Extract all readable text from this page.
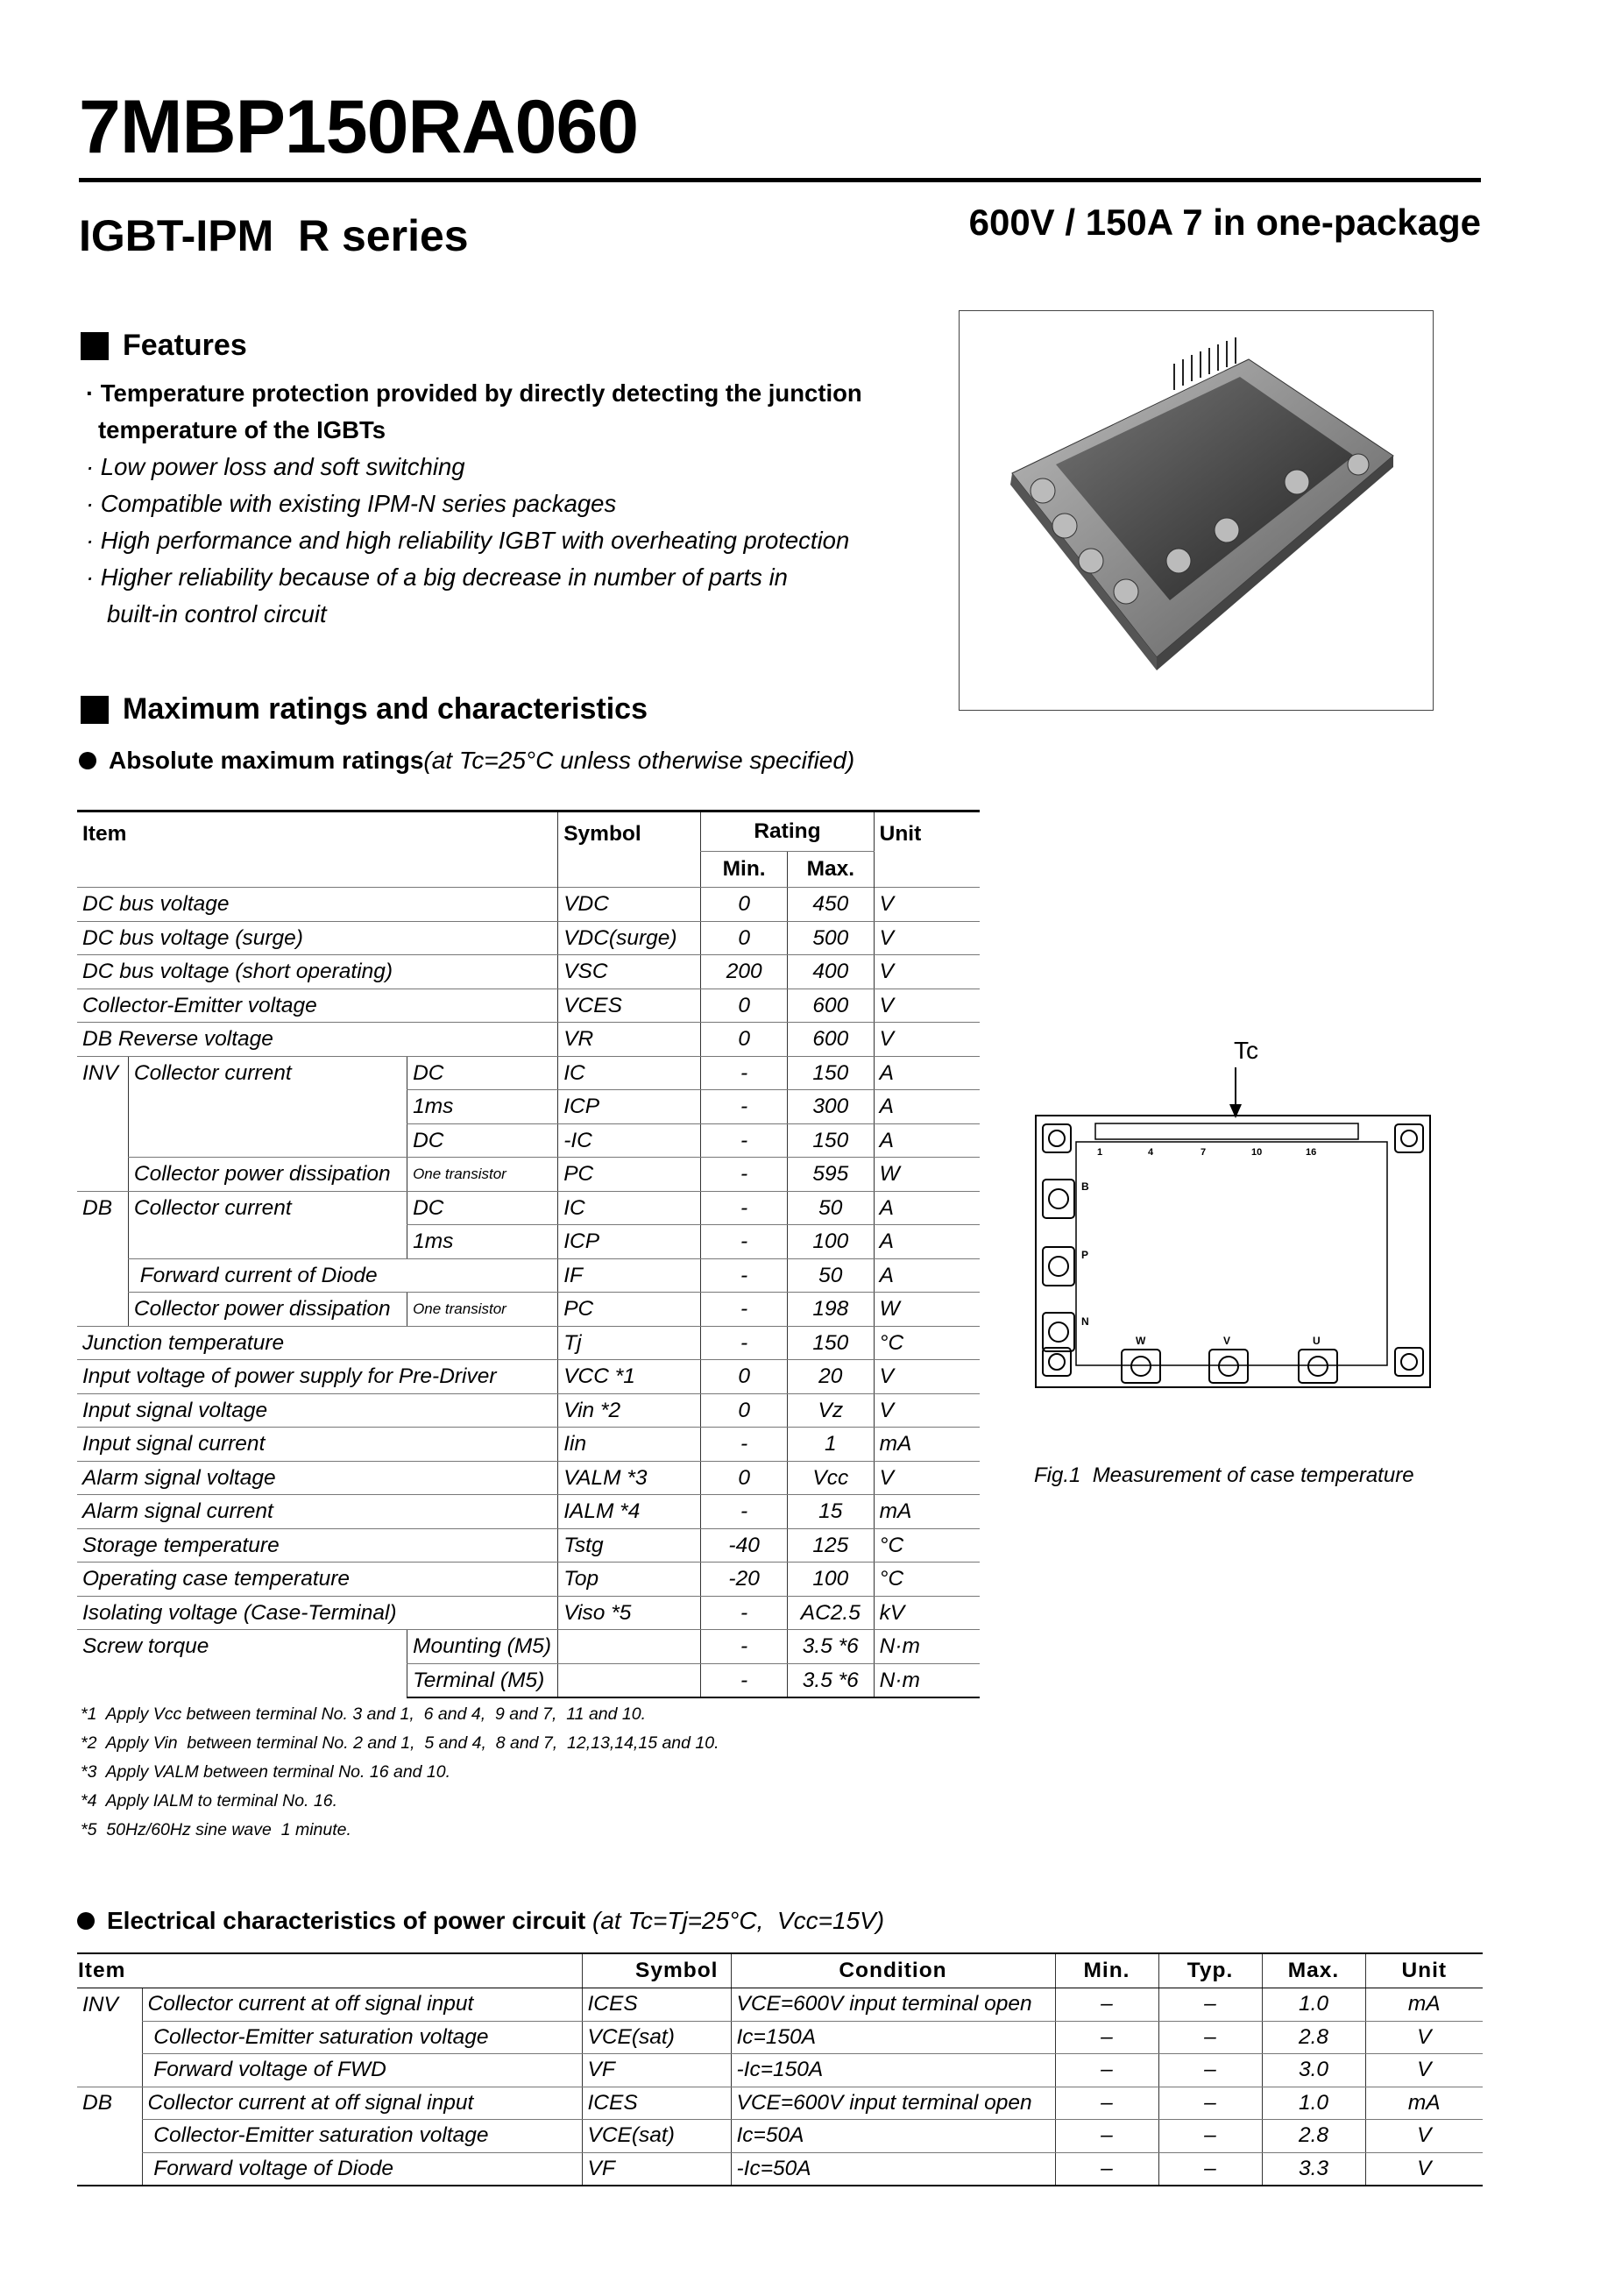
7MBP150RA060
IGBT-IPM  R series	600V / 150A 7 in one-package
Features
· Temperature protection provided by directly detecting the junction
temperature of the IGBTs
· Low power loss and soft switching
· Compatible with existing IPM-N series packages
· High performance and high reliability IGBT with overheating protection
· Higher reliability because of a big decrease in number of parts in
built-in control circuit
Maximum ratings and characteristics
Absolute maximum ratings (at Tc=25°C unless otherwise specified)
Item			Symbol	Rating		Unit
				Min.	Max.	
DC bus voltage			VDC	0	450	V
DC bus voltage (surge)			VDC(surge)	0	500	V
DC bus voltage (short operating)			VSC	200	400	V
Collector-Emitter voltage			VCES	0	600	V
DB Reverse voltage			VR	0	600	V
INV	Collector current	DC	IC	-	150	A
		1ms	ICP	-	300	A
		DC	-IC	-	150	A
	Collector power dissipation	One transistor	PC	-	595	W
DB	Collector current	DC	IC	-	50	A
		1ms	ICP	-	100	A
	Forward current of Diode		IF	-	50	A
	Collector power dissipation	One transistor	PC	-	198	W
Junction temperature			Tj	-	150	°C
Input voltage of power supply for Pre-Driver			VCC *1	0	20	V
Input signal voltage			Vin *2	0	Vz	V
Input signal current			Iin	-	1	mA
Alarm signal voltage			VALM *3	0	Vcc	V
Alarm signal current			IALM *4	-	15	mA
Storage temperature			Tstg	-40	125	°C
Operating case temperature			Top	-20	100	°C
Isolating voltage (Case-Terminal)			Viso *5	-	AC2.5	kV
Screw torque		Mounting (M5)		-	3.5 *6	N·m
		Terminal (M5)		-	3.5 *6	N·m
*1  Apply Vcc between terminal No. 3 and 1,  6 and 4,  9 and 7,  11 and 10.
*2  Apply Vin  between terminal No. 2 and 1,  5 and 4,  8 and 7,  12,13,14,15 and 10.
*3  Apply VALM between terminal No. 16 and 10.
*4  Apply IALM to terminal No. 16.
*5  50Hz/60Hz sine wave  1 minute.
Tc
1	4	7	10	16
B
P
N
W	V	U
Fig.1  Measurement of case temperature
Electrical characteristics of power circuit
(at Tc=Tj=25°C,  Vcc=15V)
Item		Symbol	Condition	Min.	Typ.	Max.	Unit
INV	Collector current at off signal input	ICES	VCE=600V input terminal open	–	–	1.0	mA
	Collector-Emitter saturation voltage	VCE(sat)	Ic=150A	–	–	2.8	V
	Forward voltage of FWD	VF	-Ic=150A	–	–	3.0	V
DB	Collector current at off signal input	ICES	VCE=600V input terminal open	–	–	1.0	mA
	Collector-Emitter saturation voltage	VCE(sat)	Ic=50A	–	–	2.8	V
	Forward voltage of Diode	VF	-Ic=50A	–	–	3.3	V
